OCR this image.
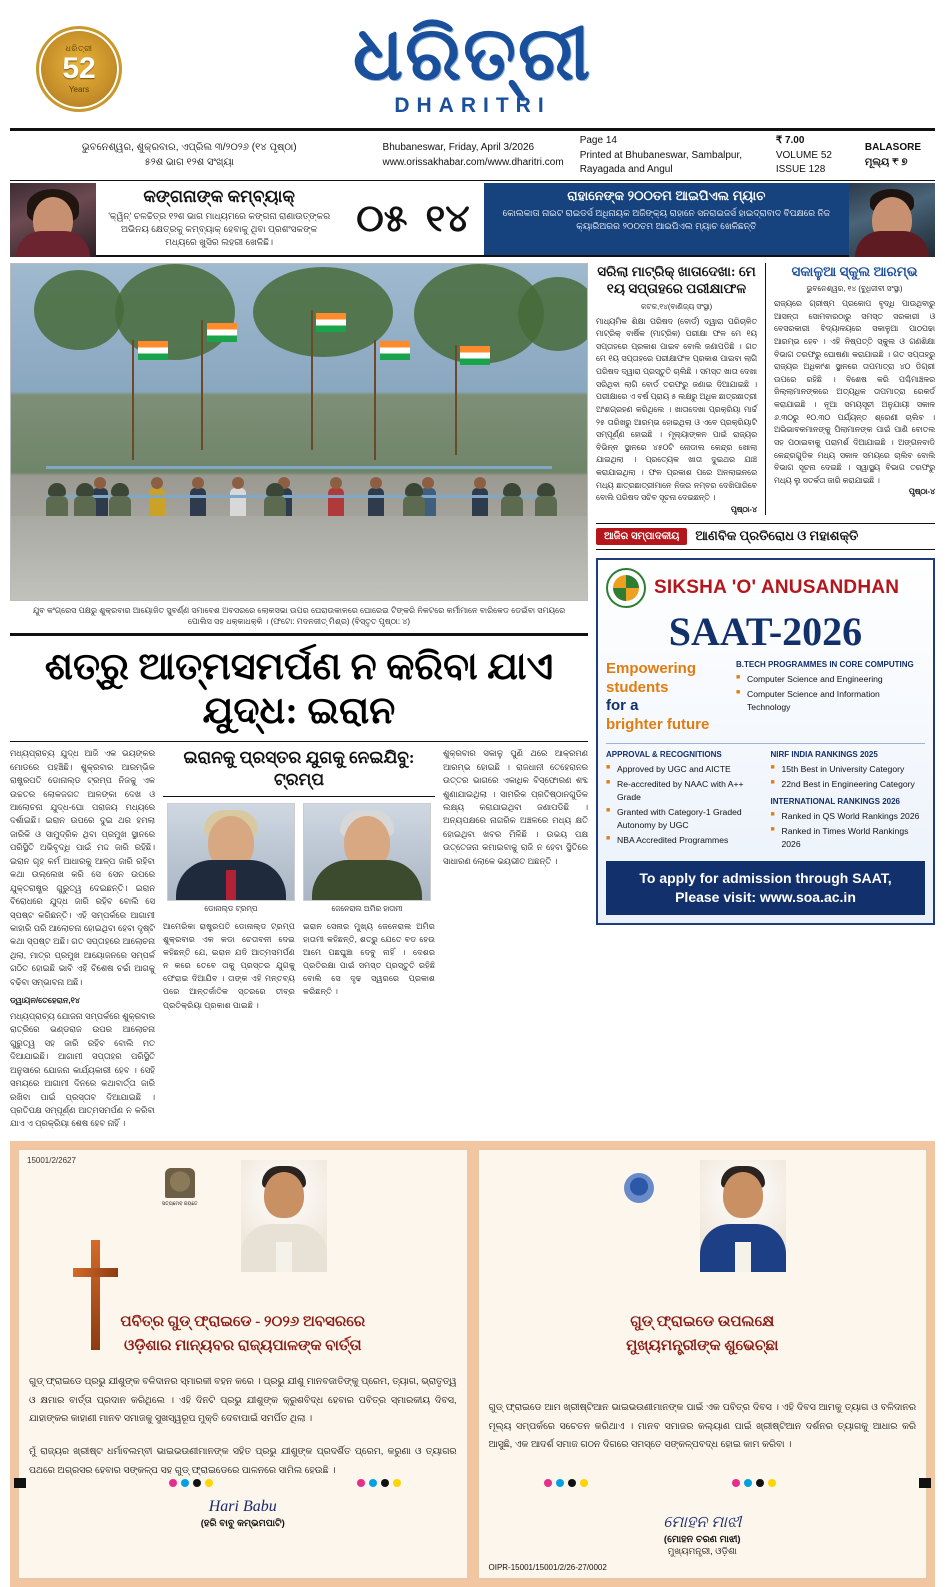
ଧରିତ୍ରୀ
52
Years	ଧରିତ୍ରୀ
DHARITRI
ଭୁବନେଶ୍ୱର, ଶୁକ୍ରବାର, ଏପ୍ରିଲ ୩/୨୦୨୬ (୧୪ ପୃଷ୍ଠା)
୫୨ଶ ଭାଗ ୧୨ଶ ସଂଖ୍ୟା
Bhubaneswar, Friday, April 3/2026
www.orissakhabar.com/www.dharitri.com
Page 14
Printed at Bhubaneswar, Sambalpur, Rayagada and Angul
₹ 7.00
VOLUME 52 ISSUE 128
BALASORE
ମୂଲ୍ୟ ₹ ୭
କଙ୍ଗନାଙ୍କ କମ୍ବ୍ୟାକ୍
'କ୍ୱିନ୍' ଚଳଚ୍ଚିତ୍ର ୧୨ଶ ଭାଗ ମାଧ୍ୟମରେ କଙ୍ଗନା ରାଣାଉତ୍ଙ୍କର ଅଭିନୟ କ୍ଷେତ୍ରକୁ କମ୍ବ୍ୟାକ୍ ହେବାକୁ ଥିବା ପ୍ରଶଂସକଙ୍କ ମଧ୍ୟରେ ଖୁସିର ଲହରୀ ଖେଳିଛି।
୦୫ ୧୪
ରାହାନେଙ୍କ ୨୦୦ତମ ଆଇପିଏଲ ମ୍ୟାଚ
କୋଲକାତା ନାଇଟ ରାଇଡର୍ସ ଅଧିନାୟକ ଅଜିଙ୍କ୍ୟ ରାହାନେ ସନରାଇଜର୍ସ ହାଇଦ୍ରାବାଦ ବିପକ୍ଷରେ ନିଜ କ୍ୟାରିଅରର ୨୦୦ତମ ଆଇପିଏଲ ମ୍ୟାଚ ଖେଳିଛନ୍ତି
ଯୁବ କଂଗ୍ରେସ ପକ୍ଷରୁ ଶୁକ୍ରବାର ଆୟୋଜିତ ସୁବର୍ଣ୍ଣ ସମାବେଶ ଅବସରରେ ଲୋକସଭା ଉପର ଘେରାଉକାଳରେ ଘୋରେଇ ଟିଙ୍କରି ନିକଟରେ କର୍ମୀମାନେ ବାରିକେଡ ଡେଇଁଁବା ସମୟରେ ପୋଲିସ ସହ ଧକ୍କାଧକ୍କି । (ଫଟୋ: ମଦନଜୀତ୍ ମିଶ୍ର) (ବିସ୍ତୃତ ପୃଷ୍ଠା: ୪)
ଶତ୍ରୁ ଆତ୍ମସମର୍ପଣ ନ କରିବା ଯାଏ ଯୁଦ୍ଧ: ଇରାନ
ମଧ୍ୟପ୍ରାଚ୍ୟ ଯୁଦ୍ଧ ଆଜି ଏକ ଭୟଙ୍କର ମୋଡରେ ପହଞ୍ଚିଛି। ଶୁକ୍ରବାର ଆରମ୍ଭିକ ରାଷ୍ଟ୍ରପତି ଡୋନାଲ୍ଡ ଟ୍ରମ୍ପ ନିଜକୁ ଏକ ଉଚ୍ଚତର ଲୋକଜଗତ ଆଳଙ୍କା ଦେଖ ଓ ଆଲୋଚନା ଯୁଦ୍ଧ-ଘୋ ପରାଜୟ ମଧ୍ୟରେ ଦର୍ଶାଇଛି। ଇରାନ ଉପରେ ଦୁଇ ଥର ହମଲା ଜାରିକି ଓ ସାମୁଦ୍ରିକ ଥିବା ପ୍ରମୁଖ ସ୍ଥାନରେ ପରିସ୍ଥିତି ଅଭିବୃଦ୍ଧି ପାଇଁ ମଦ୍ଦ ଜାରି ରହିଛି। ଇରାନ ଗୃହ କର୍ମ ଆଧାରକୁ ଆଳ୍ପ ଜାରି ରହିବା କଥା ଉଲ୍ଲେଖ କରି ସେ ସେନ ଉପରେ ଯୁକ୍ତରାଷ୍ଟ୍ର ଗୁରୁତ୍ୱ ଦେଇଛନ୍ତି। ଇରାନ ବିରୋଧରେ ଯୁଦ୍ଧ ଜାରି ରହିବ ବୋଲି ସେ ସ୍ପଷ୍ଟ କରିଛନ୍ତି। ଏହି ସମ୍ପର୍କରେ ଆଗାମୀ କାହାରି ପରି ଆଲୋଚନା ହୋଇଥିବା ହେବା ଦୃଷ୍ଟି କଥା ସ୍ପଷ୍ଟ ଅଛି। ଗତ ସପ୍ତାହରେ ଆଲୋଚନା ଥିଲା, ମାତ୍ର ପ୍ରମୁଖ ଆୟୋଜନରେ ସମ୍ପର୍କ ଗଠିତ ହୋଇଛି ଭାବି ଏହି ବିଶେଷ ଚର୍ଚ୍ଚା ଆଗକୁ ବଢିବା ସମ୍ଭାବନା ଅଛି।
ଡ୍ୱାୟନ/ତେହେରାନ,୧୪
ମଧ୍ୟପ୍ରାଚ୍ୟ ଯୋଜନା ସମ୍ପର୍କରେ ଶୁକ୍ରବାର ରାତ୍ରିରେ ଭଣ୍ଡରାଜ ଉପର ଆଲୋଚନା ଗୁରୁତ୍ୱ ସହ ଜାରି ରହିବ ବୋଲି ମତ ଦିଆଯାଇଛି। ଆଗାମୀ ସପ୍ତାହର ପରିସ୍ଥିତି ଅନୁସାରେ ଯୋଜନା କାର୍ଯ୍ୟକାରୀ ହେବ । ସେହି ସମୟରେ ଆଗାମୀ ଦିନରେ କଥାବାର୍ତ୍ତା ଜାରି ରଖିବା ପାଇଁ ପ୍ରସ୍ତାବ ଦିଆଯାଇଛି । ପ୍ରତିପକ୍ଷ ସମ୍ପୂର୍ଣ୍ଣ ଆତ୍ମସମର୍ପଣ ନ କରିବା ଯାଏ ଏ ପ୍ରକ୍ରିୟା ଶେଷ ହେବ ନାହିଁ ।
ଇରାନକୁ ପ୍ରସ୍ତର ଯୁଗକୁ ନେଇଯିବୁ: ଟ୍ରମ୍ପ
ଡୋନାଲ୍ଡ ଟ୍ରମ୍ପ	ଜେନେରାଲ ଅମିର ହାତାମୀ
ଆମେରିକା ରାଷ୍ଟ୍ରପତି ଡୋନାଲ୍ଡ ଟ୍ରମ୍ପ ଶୁକ୍ରବାର ଏକ କଡା ଚେତାବନୀ ଦେଇ କହିଛନ୍ତି ଯେ, ଇରାନ ଯଦି ଆତ୍ମସମର୍ପଣ ନ କରେ ତେବେ ତାକୁ ପ୍ରସ୍ତର ଯୁଗକୁ ଫେରାଇ ଦିଆଯିବ । ତାଙ୍କ ଏହି ମନ୍ତବ୍ୟ ପରେ ଆନ୍ତର୍ଜାତିକ ସ୍ତରରେ ତୀବ୍ର ପ୍ରତିକ୍ରିୟା ପ୍ରକାଶ ପାଇଛି ।
ଇରାନ ସେନାର ମୁଖ୍ୟ ଜେନେରାଲ ଅମିର ହାତାମୀ କହିଛନ୍ତି, ଶତ୍ରୁ ଯେତେ ବଡ ହେଉ ଆମେ ପଛଘୁଞ୍ଚା ଦେବୁ ନାହିଁ । ଦେଶର ପ୍ରତିରକ୍ଷା ପାଇଁ ସମସ୍ତ ପ୍ରସ୍ତୁତି ରହିଛି ବୋଲି ସେ ଦୃଢ ସ୍ୱରରେ ପ୍ରକାଶ କରିଛନ୍ତି ।
ଶୁକ୍ରବାର ସକାଳୁ ପୁଣି ଥରେ ଆକ୍ରମଣ ଆରମ୍ଭ ହୋଇଛି । ରାଜଧାନୀ ତେହେରାନର ଉତ୍ତର ଭାଗରେ ଏକାଧିକ ବିସ୍ଫୋରଣ ଶବ୍ଦ ଶୁଣାଯାଇଥିଲା । ସାମରିକ ପ୍ରତିଷ୍ଠାନଗୁଡିକ ଲକ୍ଷ୍ୟ କରାଯାଇଥିବା ଜଣାପଡିଛି । ଅନ୍ୟପକ୍ଷରେ ନାଗରିକ ଅଞ୍ଚଳରେ ମଧ୍ୟ କ୍ଷତି ହୋଇଥିବା ଖବର ମିଳିଛି । ଉଭୟ ପକ୍ଷ ଉତ୍ତେଜନା କମାଇବାକୁ ରାଜି ନ ହେବା ସ୍ଥିତିରେ ସାଧାରଣ ଲୋକେ ଭୟଭୀତ ଅଛନ୍ତି ।
ସରିଲା ମାଟ୍ରିକ୍ ଖାତାଦେଖା: ମେ ୧ୟ ସପ୍ତାହରେ ପରୀକ୍ଷାଫଳ
କଟକ,୧୪(ବାଣିଜ୍ୟ ସଂସ୍ଥା)
ମାଧ୍ୟମିକ ଶିକ୍ଷା ପରିଷଦ (ବୋର୍ଡ) ଦ୍ୱାରା ପରିଚାଳିତ ମାଟ୍ରିକ୍ ବାର୍ଷିକ (ମାଟ୍ରିକ) ପରୀକ୍ଷା ଫଳ ମେ ୧ୟ ସପ୍ତାହରେ ପ୍ରକାଶ ପାଇବ ବୋଲି ଜଣାପଡିଛି । ଗତ ମେ ୧ୟ ସପ୍ତାହରେ ପରୀକ୍ଷାଫଳ ପ୍ରକାଶ ପାଇବା ଲାଗି ପରିଷଦ ଦ୍ୱାରା ପ୍ରସ୍ତୁତି ଚାଲିଛି । ସମସ୍ତ ଖାତା ଦେଖା ସରିଥିବା ଲାଗି ବୋର୍ଡ ତରଫରୁ ଜଣାଇ ଦିଆଯାଇଛି । ପରୀକ୍ଷାରେ ଏ ବର୍ଷ ପ୍ରାୟ ୫ ଲକ୍ଷରୁ ଅଧିକ ଛାତ୍ରଛାତ୍ରୀ ଅଂଶଗ୍ରହଣ କରିଥିଲେ । ଖାତାଦେଖା ପ୍ରକ୍ରିୟା ମାର୍ଚ୍ଚ ୨୫ ତାରିଖରୁ ଆରମ୍ଭ ହୋଇଥିଲା ଓ ଏବେ ପ୍ରକ୍ରିୟାଟି ସମ୍ପୂର୍ଣ୍ଣ ହୋଇଛି । ମୂଲ୍ୟାଙ୍କନ ପାଇଁ ରାଜ୍ୟର ବିଭିନ୍ନ ସ୍ଥାନରେ ୪୫୦ଟି ନୋଡାଲ କେନ୍ଦ୍ର ଖୋଲା ଯାଇଥିଲା । ପ୍ରତ୍ୟେକ ଖାତା ଦୁଇଥର ଯାଞ୍ଚ କରାଯାଇଥିଲା । ଫଳ ପ୍ରକାଶ ପରେ ଅନଲାଇନରେ ମଧ୍ୟ ଛାତ୍ରଛାତ୍ରୀମାନେ ନିଜର ନମ୍ବର ଦେଖିପାରିବେ ବୋଲି ପରିଷଦ ସଚିବ ସୂଚନା ଦେଇଛନ୍ତି ।
ପୃଷ୍ଠା-୪
ସକାଳୁଆ ସ୍କୁଲ ଆରମ୍ଭ
ଭୁବନେଶ୍ୱର, ୧୪ (ବୁଧିଜୀବୀ ସଂସ୍ଥା)
ରାଜ୍ୟରେ ଗ୍ରୀଷ୍ମ ପ୍ରକୋପ ବୃଦ୍ଧି ପାଉଥିବାରୁ ଆସନ୍ତା ସୋମବାରଠାରୁ ସମସ୍ତ ସରକାରୀ ଓ ବେସରକାରୀ ବିଦ୍ୟାଳୟରେ ସକାଳୁଆ ପାଠପଢା ଆରମ୍ଭ ହେବ । ଏହି ନିଷ୍ପତ୍ତି ସ୍କୁଲ ଓ ଗଣଶିକ୍ଷା ବିଭାଗ ତରଫରୁ ଘୋଷଣା କରାଯାଇଛି । ଗତ ସପ୍ତାହରୁ ରାଜ୍ୟର ଅଧିକାଂଶ ସ୍ଥାନରେ ତାପମାତ୍ରା ୪୦ ଡିଗ୍ରୀ ଉପରେ ରହିଛି । ବିଶେଷ କରି ପଶ୍ଚିମାଞ୍ଚଳର ଜିଲ୍ଲାମାନଙ୍କରେ ଅତ୍ୟଧିକ ତାପମାତ୍ରା ରେକର୍ଡ କରାଯାଇଛି । ନୂଆ ସମୟସୂଚୀ ଅନୁଯାୟୀ ସକାଳ ୬.୩୦ରୁ ୧୦.୩୦ ପର୍ଯ୍ୟନ୍ତ ଶ୍ରେଣୀ ଚାଲିବ । ଅଭିଭାବକମାନଙ୍କୁ ପିଲାମାନଙ୍କ ପାଇଁ ପାଣି ବୋତଲ ସହ ପଠାଇବାକୁ ପରାମର୍ଶ ଦିଆଯାଇଛି । ଅଙ୍ଗନବାଡି କେନ୍ଦ୍ରଗୁଡିକ ମଧ୍ୟ ସକାଳ ସମୟରେ ଚାଲିବ ବୋଲି ବିଭାଗ ସୂଚନା ଦେଇଛି । ସ୍ୱାସ୍ଥ୍ୟ ବିଭାଗ ତରଫରୁ ମଧ୍ୟ ଲୁ ସତର୍କତା ଜାରି କରାଯାଇଛି ।
ପୃଷ୍ଠା-୪
ଆଜିର ସମ୍ପାଦକୀୟ	ଆଣବିକ ପ୍ରତିରୋଧ ଓ ମହାଶକ୍ତି
SIKSHA 'O' ANUSANDHAN
SAAT-2026
Empowering
students
for a
brighter future
B.TECH PROGRAMMES IN CORE COMPUTING
■ Computer Science and Engineering
■ Computer Science and Information Technology
APPROVAL & RECOGNITIONS
■ Approved by UGC and AICTE
■ Re-accredited by NAAC with A++ Grade
■ Granted with Category-1 Graded Autonomy by UGC
■ NBA Accredited Programmes
NIRF INDIA RANKINGS 2025
■ 15th Best in University Category
■ 22nd Best in Engineering Category
INTERNATIONAL RANKINGS 2026
■ Ranked in QS World Rankings 2026
■ Ranked in Times World Rankings 2026
To apply for admission through SAAT,
Please visit: www.soa.ac.in
15001/2/2627
ସତ୍ୟମେବ ଜୟତେ
ପବିତ୍ର ଗୁଡ୍ ଫ୍ରାଇଡେ - ୨୦୨୬ ଅବସରରେ
ଓଡ଼ିଶାର ମାନ୍ୟବର ରାଜ୍ୟପାଳଙ୍କ ବାର୍ତ୍ତା
ଗୁଡ୍ ଫ୍ରାଇଡେ ପ୍ରଭୁ ଯୀଶୁଙ୍କ ବଳିଦାନର ସ୍ମାରକୀ ବହନ କରେ । ପ୍ରଭୁ ଯୀଶୁ ମାନବଜାତିଙ୍କୁ ପ୍ରେମ, ତ୍ୟାଗ, ଭ୍ରାତୃତ୍ୱ ଓ କ୍ଷମାର ବାର୍ତ୍ତା ପ୍ରଦାନ କରିଥିଲେ । ଏହି ଦିନଟି ପ୍ରଭୁ ଯୀଶୁଙ୍କ କ୍ରୁଶବିଦ୍ଧ ହେବାର ପବିତ୍ର ସ୍ମାରକୀୟ ଦିବସ, ଯାହାଙ୍କର କାହାଣୀ ମାନବ ସମାଜକୁ ସୁଖସ୍ୱରୂପ ମୁକ୍ତି ଦେବାପାଇଁ ସମର୍ପିତ ଥିଲା ।
ମୁଁ ରାଜ୍ୟର ଖ୍ରୀଷ୍ଟ ଧର୍ମାବଲମ୍ବୀ ଭାଇଭଉଣୀମାନଙ୍କ ସହିତ ପ୍ରଭୁ ଯୀଶୁଙ୍କ ପ୍ରଦର୍ଶିତ ପ୍ରେମ, କରୁଣା ଓ ତ୍ୟାଗର ପଥରେ ଅଗ୍ରସର ହେବାର ସଙ୍କଳ୍ପ ସହ ଗୁଡ୍ ଫ୍ରାଇଡେରେ ପାଳନରେ ସାମିଲ ହେଉଛି ।
Hari Babu
(ହରି ବାବୁ କମ୍ଭମପାଟି)
ଗୁଡ୍ ଫ୍ରାଇଡେ ଉପଲକ୍ଷେ
ମୁଖ୍ୟମନ୍ତ୍ରୀଙ୍କ ଶୁଭେଚ୍ଛା
ଗୁଡ୍ ଫ୍ରାଇଡେ ଆମ ଖ୍ରୀଷ୍ଟିଆନ ଭାଇଭଉଣୀମାନଙ୍କ ପାଇଁ ଏକ ପବିତ୍ର ଦିବସ । ଏହି ଦିବସ ଆମକୁ ତ୍ୟାଗ ଓ ବଳିଦାନର ମୂଲ୍ୟ ସମ୍ପର୍କରେ ସଚେତନ କରିଥାଏ । ମାନବ ସମାଜର କଲ୍ୟାଣ ପାଇଁ ଖ୍ରୀଷ୍ଟିଆନ ଦର୍ଶନର ତ୍ୟାଗକୁ ଆଧାର କରି ଆସୁଛି, ଏକ ଆଦର୍ଶ ସମାଜ ଗଠନ ଦିଗରେ ସମସ୍ତେ ସଙ୍କଳ୍ପବଦ୍ଧ ହୋଇ କାମ କରିବା ।
ମୋହନ ମାଝୀ
(ମୋହନ ଚରଣ ମାଝୀ)
ମୁଖ୍ୟମନ୍ତ୍ରୀ, ଓଡ଼ିଶା
OIPR-15001/15001/2/26-27/0002
